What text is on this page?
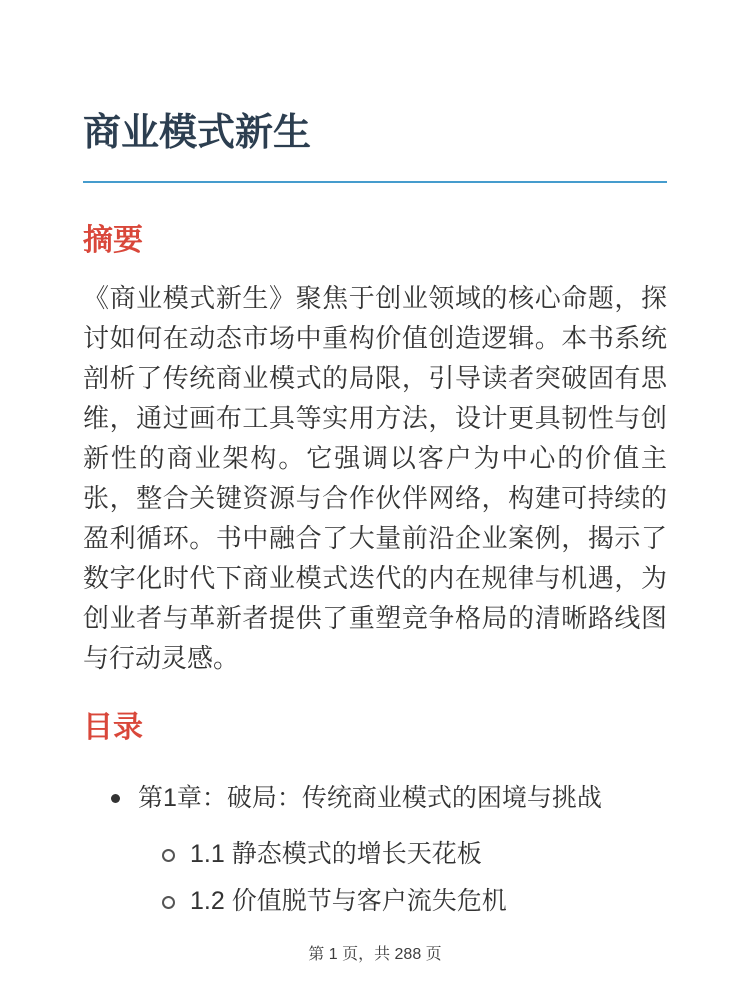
商业模式新生
摘要

《商业模式新生》聚焦于创业领域的核心命题，探讨如何在动态市场中重构价值创造逻辑。本书系统剖析了传统商业模式的局限，引导读者突破固有思维，通过画布工具等实用方法，设计更具韧性与创新性的商业架构。它强调以客户为中心的价值主张，整合关键资源与合作伙伴网络，构建可持续的盈利循环。书中融合了大量前沿企业案例，揭示了数字化时代下商业模式迭代的内在规律与机遇，为创业者与革新者提供了重塑竞争格局的清晰路线图与行动灵感。

目录
第1章：破局：传统商业模式的困境与挑战
1.1 静态模式的增长天花板
1.2 价值脱节与客户流失危机
第 1 页，共 288 页
